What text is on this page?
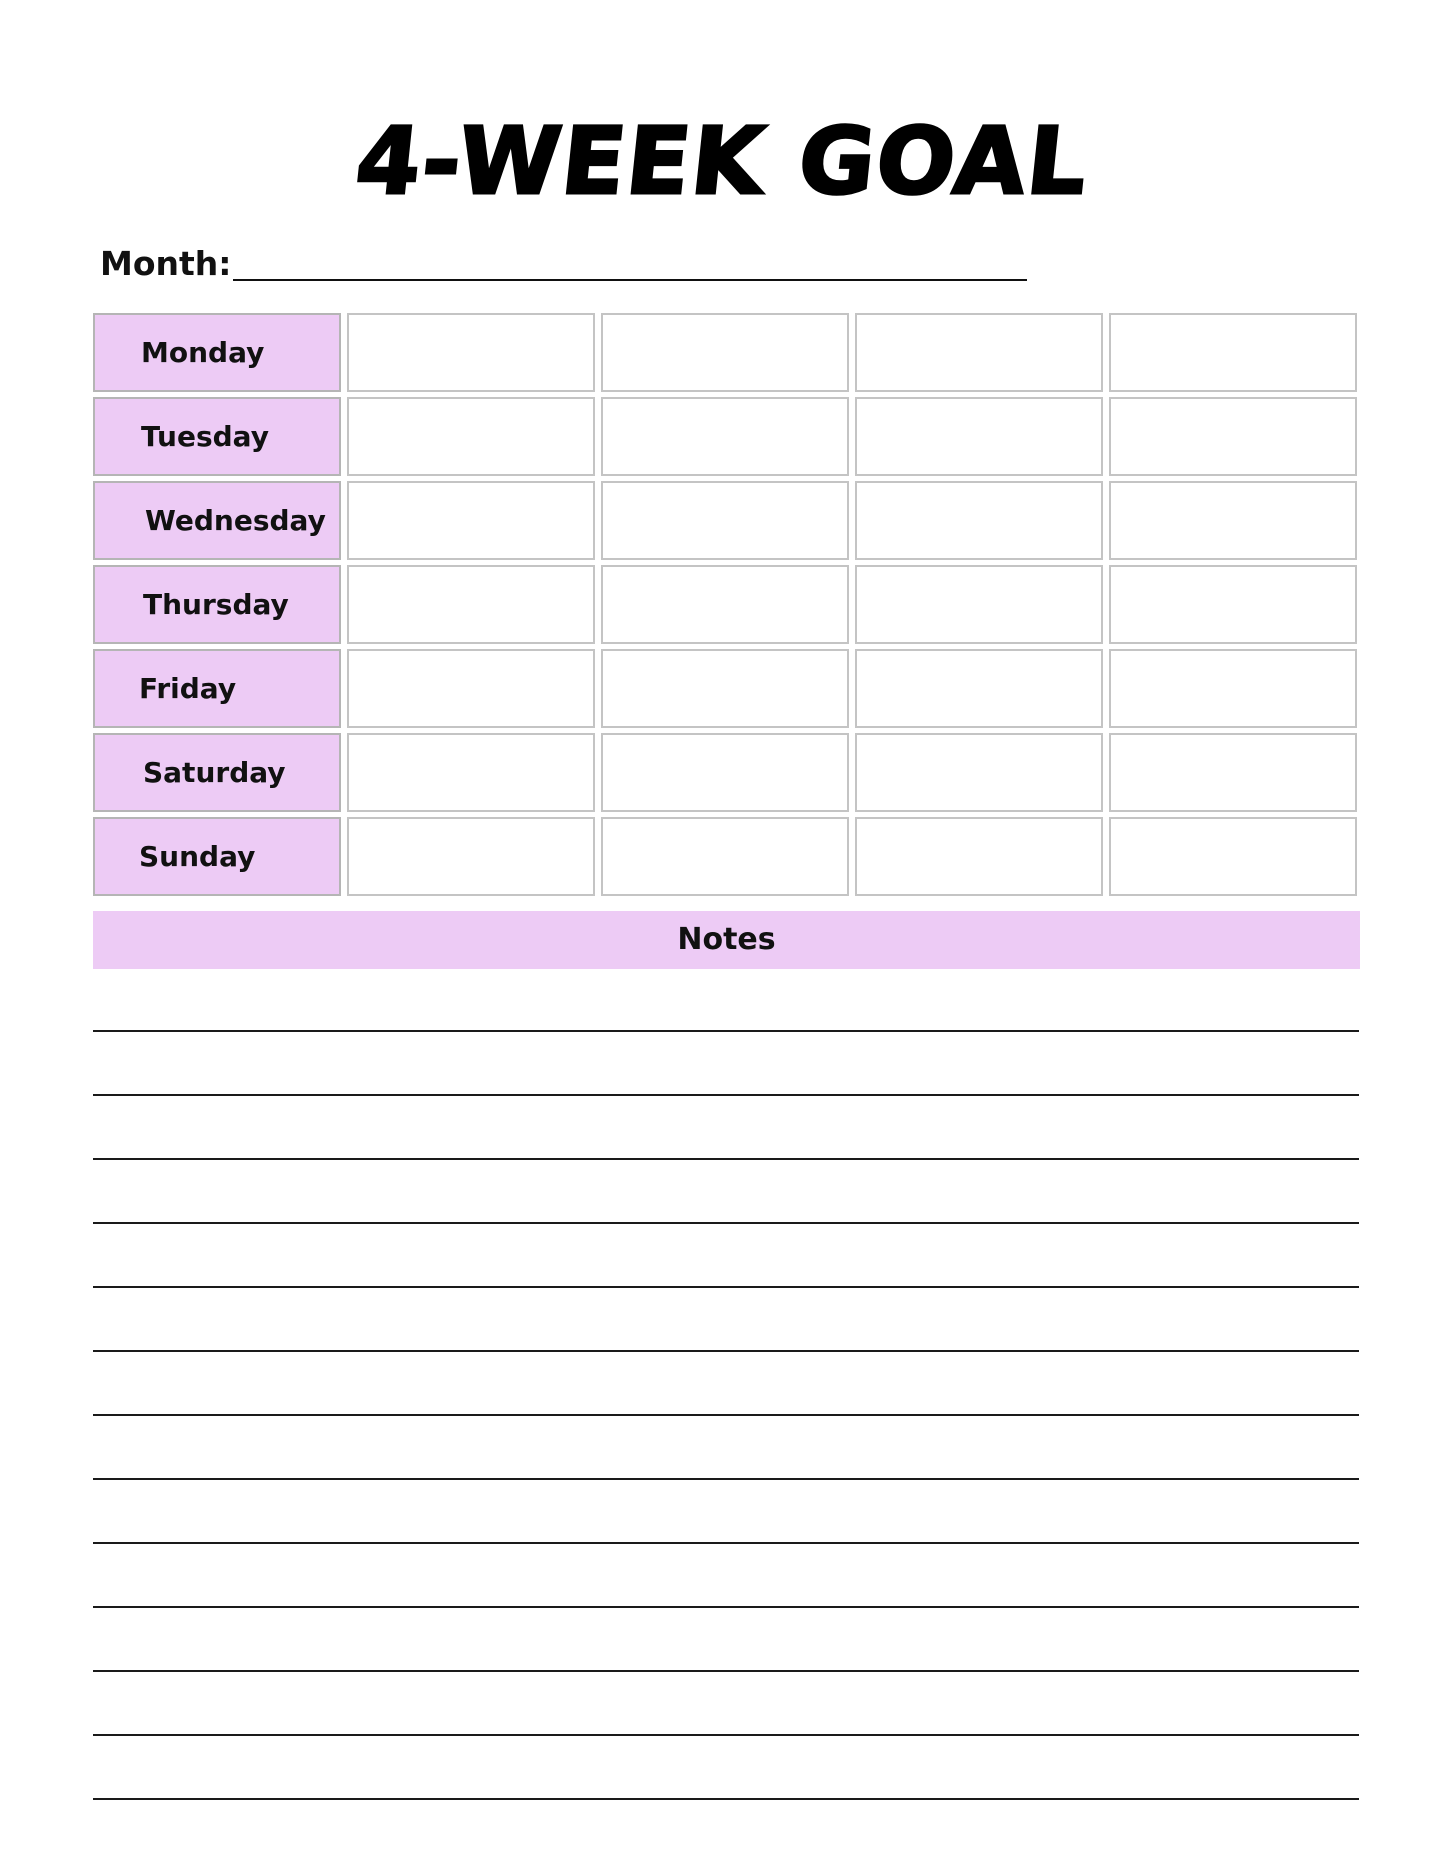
4-WEEK GOAL
Month:
Monday
Tuesday
Wednesday
Thursday
Friday
Saturday
Sunday
Notes
